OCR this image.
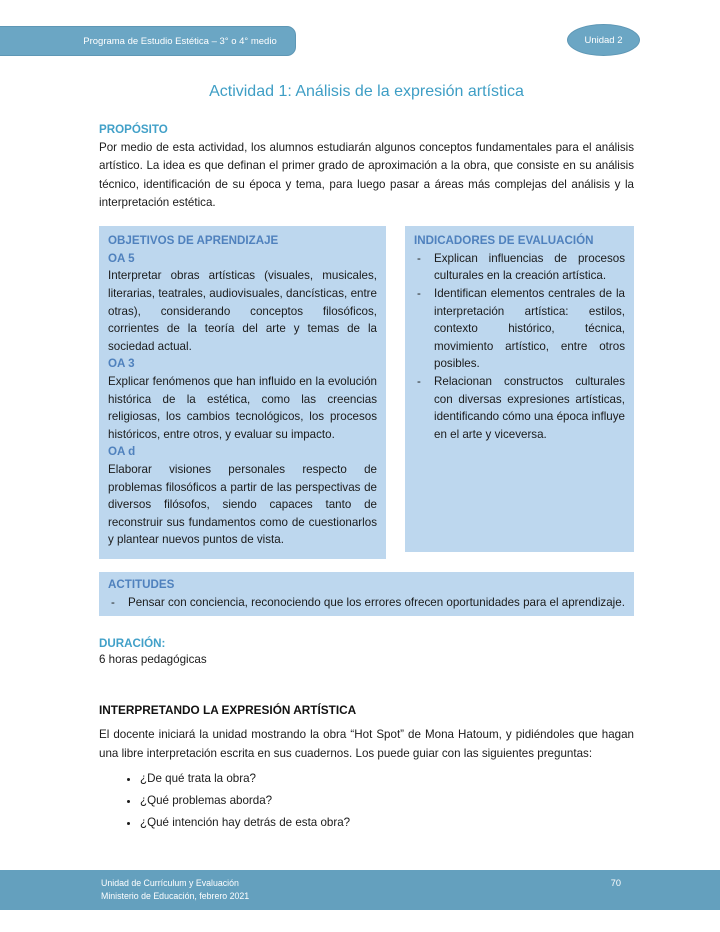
Programa de Estudio Estética – 3° o 4° medio	Unidad 2
Actividad 1: Análisis de la expresión artística
PROPÓSITO

Por medio de esta actividad, los alumnos estudiarán algunos conceptos fundamentales para el análisis artístico. La idea es que definan el primer grado de aproximación a la obra, que consiste en su análisis técnico, identificación de su época y tema, para luego pasar a áreas más complejas del análisis y la interpretación estética.

OBJETIVOS DE APRENDIZAJE
OA 5
Interpretar obras artísticas (visuales, musicales, literarias, teatrales, audiovisuales, dancísticas, entre otras), considerando conceptos filosóficos, corrientes de la teoría del arte y temas de la sociedad actual.
OA 3
Explicar fenómenos que han influido en la evolución histórica de la estética, como las creencias religiosas, los cambios tecnológicos, los procesos históricos, entre otros, y evaluar su impacto.
OA d
Elaborar visiones personales respecto de problemas filosóficos a partir de las perspectivas de diversos filósofos, siendo capaces tanto de reconstruir sus fundamentos como de cuestionarlos y plantear nuevos puntos de vista.
INDICADORES DE EVALUACIÓN
-	Explican influencias de procesos culturales en la creación artística.
-	Identifican elementos centrales de la interpretación artística: estilos, contexto histórico, técnica, movimiento artístico, entre otros posibles.
-	Relacionan constructos culturales con diversas expresiones artísticas, identificando cómo una época influye en el arte y viceversa.
ACTITUDES
-	Pensar con conciencia, reconociendo que los errores ofrecen oportunidades para el aprendizaje.
DURACIÓN:

6 horas pedagógicas

INTERPRETANDO LA EXPRESIÓN ARTÍSTICA

El docente iniciará la unidad mostrando la obra “Hot Spot” de Mona Hatoum, y pidiéndoles que hagan una libre interpretación escrita en sus cuadernos. Los puede guiar con las siguientes preguntas:

• ¿De qué trata la obra?
• ¿Qué problemas aborda?
• ¿Qué intención hay detrás de esta obra?
Unidad de Currículum y Evaluación
Ministerio de Educación, febrero 2021
70
